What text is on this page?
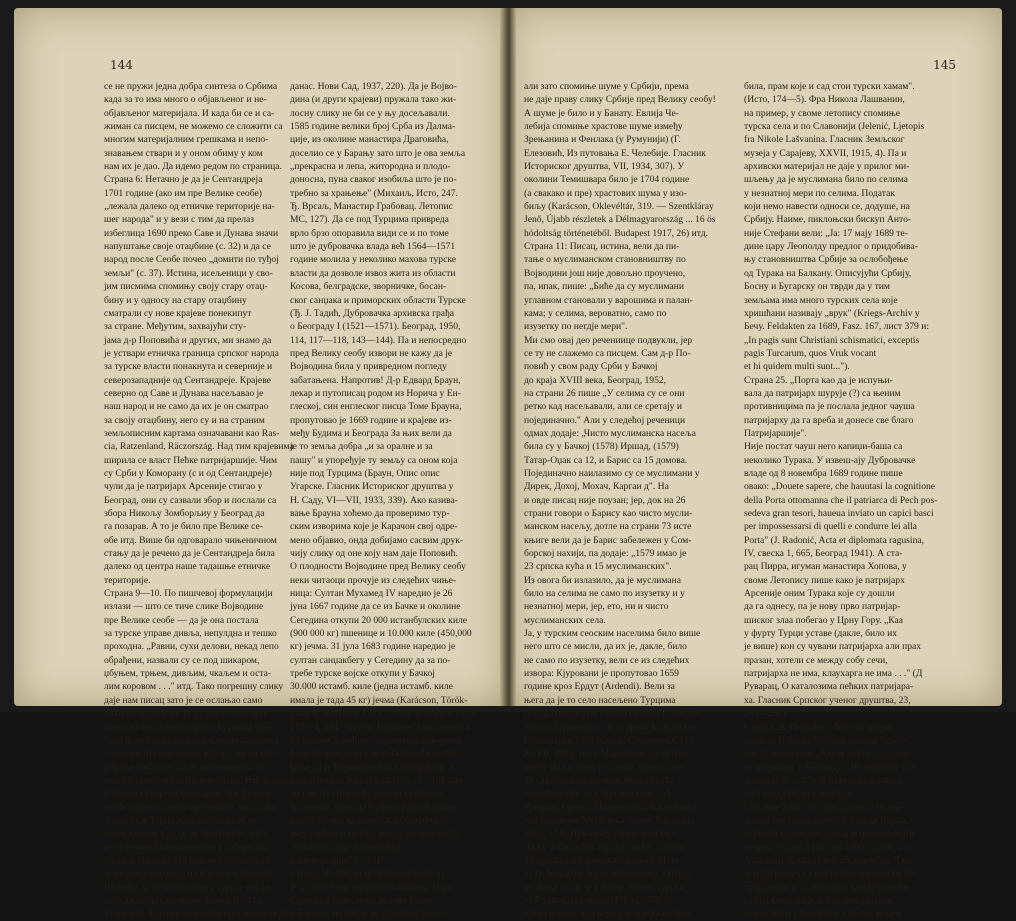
144
се не пружи једна добра синтеза о Србима
када за то има много о објављеног и не-
објављеног материјала. И када би се и са-
жиман са писцем, не можемо се сложити са
многим материјалним грешкама и непо-
знавањем ствари и у оном обиму у ком
нам их је дао. Да идемо редом по страница.
Страна 6: Нетачно је да је Сентандреја
1701 године (ако им пре Велике сеобе)
„лежала далеко од етничке територије на-
шег народа" и у вези с тим да прелаз
избеглица 1690 преко Саве и Дунава значи
напуштање своје отаџбине (с. 32) и да се
народ после Сеобе почео „домити по туђој
земљи" (с. 37). Истина, исељеници у сво-
јим писмима спомињу своју стару отаџ-
бину и у односу на стару отаџбину
сматрали су нове крајеве понекипут
за стране. Међутим, захвајући сту-
јама д-р Поповића и других, ми знамо да
је уствари етничка граница српског народа
за турске власти понакнута и северније и
северозападније од Сентандреје. Крајеве
северно од Саве и Дунава насељавао је
наш народ и не само да их је он сматрао
за своју отаџбину, него су и на страним
земљописним картама означавани као Ras-
cia, Ratzenland, Räczország. Над тим крајевима
ширила се власт Пећке патријаршије. Чим
су Срби у Коморану (с и од Сентандреје)
чули да је патријарх Арсеније стигао у
Београд, они су сазвали збор и послали са
збора Никољу Зомборљиу у Београд да
га позарав. А то је било пре Велике се-
обе итд. Више би одговарало чињеничном
стању да је речено да је Сентандреја била
далеко од центра наше тадашње етничке
територије.
Страна 9—10. По пишчевој формулацији
излази — што се тиче слике Војводине
пре Велике сеобе — да је она постала
за турске управе дивља, непулдна и тешко
проходна. „Равни, сухи делови, некад лепо
обрађени, назвали су се под шикаром,
џбуњем, трњем, дивљим, чкаљем и оста-
лим коровом . . ." итд. Тако погрешну слику
даје нам писац зато је се ослањао само
на путописце који, за то, нису били при-
јатељски наклоњени према Турцима Тре-
бало је да писац провери њихова казивања
у светлости савремених извора, па би упо-
ређење показало, да се путописцима не
може у свему пружити вероватно. Нас је про-
учавање привреде Војводине пре Велике
сеобе одвело сасвим другачијем закључку.
Знали су и Турци врло добро да се не
може живети а да се не производи. Зато
је Сулејман Величанствени у табору код
Голне и Пакша 1543 године саветовао се-
љаке земљорадника ич Барање и предела
Шомођа да не беже испред турске војске,
него да остану на своме имању (С. Ми-
хаијловић, Барања од најстаријих времена до
данас. Нови Сад, 1937, 220). Да је Војво-
дина (и други крајеви) пружала тако жи-
лосну слику не би се у њу досељавали.
1585 године велики број Срба из Далма-
ције, из околине манастира Драговића,
доселио се у Барању зато што је ова земља
„прекрасна и лепа, житородна и плодо-
доносна, пуна сваког изобиља што је по-
требно за храњење" (Михаиљ, Исто, 247.
Ђ. Врсаљ, Манастир Грабовац. Летопис
МС, 127). Да се под Турцима привреда
врло брзо опоравила види се и по томе
што је дубровачка влада већ 1564—1571
године молила у неколико махова турске
власти да дозволе извоз жита из области
Косова, белградске, зворничке, босан-
ског санџака и приморских области Турске
(Ђ. J. Тадић, Дубровачка архивска грађа
о Београду I (1521—1571). Београд, 1950,
114, 117—118, 143—144). Па и непосредно
пред Велику сеобу извори не кажу да је
Војводина била у привредном погледу
забатањена. Напротив! Д-р Едвард Браун,
лекар и путописац родом из Норича у Ен-
глеској, син енглеског писца Томе Брауна,
пропутовао је 1669 године и крајеве из-
међу Будима и Београда За њих вели да
је то земља добра „и за оралне и за
пашу" и упоређује ту земљу са оном која
није под Турцима (Браун, Опис опис
Угарске. Гласник Историског друштва у
Н. Саду, VI—VII, 1933, 339). Ако казива-
вање Брауна хоћемо да проверимо тур-
ским изворима које је Карачон свој одре-
мено објавио, онда добијамо сасвим друк-
чију слику од оне коју нам даје Поповић.
О плодности Војводине пред Велику сеобу
неки читаоци прочује из следећих чиње-
ница: Султан Мухамед IV наредио је 26
јуна 1667 године да се из Бачке и околине
Сегедина откупи 20 000 истанбулских киле
(900 000 кг) пшенице и 10.000 киле (450,000
кг) јечма. 31 јула 1683 године наредио је
султан санџакбегу у Сегедину да за по-
требе турске војске откупи у Бачкој
30.000 истамб. киле (једна истамб. киле
имала је тада 45 кг) јечма (Karácson, Török-
magyar oklevéltár 1533—1789, Budapest, 1914,
273—4, 284—6) итд. Највише, тако излази и
по нашим домаћим савременим изворима.
Како да доведемо у везу Поповићево твр-
ђење да је Војводина била необрађена и
запуштена за турске власти (с. 9—10), кад
он сам на страни 43 наводи казивање
Атанасија Даскала Србина (чиј књижицу
издаје готово од почетка до краја) ово-
ма у Србије и српска земља уопште била
„многоплодија и изобилија
и многородија" (с. 43)?
Страна 10: Писац исправно наводи да
је шумом била покривена Фрушка Гора,
Срем дуж Саве, неки делови Бачке
и Барање, но нигде не спомиње Банат;
145
али зато спомиње шуме у Србији, према
не даје праву слику Србије пред Велику сеобу!
А шуме је било и у Банату. Евлија Че-
лебија спомиње храстове шуме између
Зрењанина и Фенлака (у Румунији) (Г.
Елезовић, Из путовања Е. Челебије. Гласник
Историског друштва, VII, 1934, 307). У
околини Темишвара било је 1704 године
(а свакако и пре) храстових шума у изо-
биљу (Karácson, Oklevéltár, 319. — Szentklárаy
Jenő, Újabb részletek a Délmagyarország ... 16 ös
hódoltság történetéből. Budapest 1917, 26) итд.
Страна 11: Писац, истина, вели да пи-
тање о муслиманском становништву по
Војводини још није довољно проучено,
па, ипак, пише: „Биће да су муслимани
углавном становали у варошима и палан-
кама; у селима, вероватно, само по
изузетку по негдје мери".
Ми смо овај део речениице подвукли, јер
се ту не слажемо са писцем. Сам д-р По-
повић у свом раду Срби у Бачкој
до краја XVIII века, Београд, 1952,
на страни 26 пише „У селима су се они
ретко кад насељавали, али се сретају и
појединачно." Али у следећој реченици
одмах додаје: „Чисто муслиманска насеља
била су у Бачкој (1578) Иршад, (1579)
Татар-Оџак са 12, и Барис са 15 домова.
Појединачно наилазимо су се муслимани у
Дирек, Дохој, Мохач, Каргаи д". На
и овде писац није поузан; јер, док на 26
страни говори о Барису као чисто мусли-
манском насељу, дотле на страни 73 исте
књиге вели да је Барис забележен у Сом-
борској нахији, па додаје: „1579 имао је
23 српска кућа и 15 муслиманских".
Из овога би излазило, да је муслимана
било на селима не само по изузетку и у
незнатној мери, јер, ето, ни и чисто
муслиманских села.
Ја, у турским сеоским населима било више
него што се мисли, да их је, дакле, било
не само по изузетку, вели се из следећих
извора: Кјуровани је пропутовао 1659
године кроз Ердут (Ardendi). Вели за
њега да је то село насељено Турцима
(villagio abitato da Turchi) (Томин Ј., Писма
Јована Кјуровани с пута преко Балканског
Полуострва 1659 године. Споменик САН,
XLVII, 1909, 101). Маринкове на Дунаву,
близу Даља, било је такође турско село.
Ту „за турскога времена било је кућа
хришћанских 12 у турском селу" (Д.
Руварац, Српска Митрополија Карловачка
око половине XVIII века. Срем. Карловци,
1902, 174). При крају турске власти у
Даљу је било 200 турских кућа, а свега
25 српских и 6 римокатоличких (Исто,
171). Још дуго после истеривања Турака
из Даља остао је у њему „мечит турски
от 7 хвати и са своди (РВ: тј. 1706 го-
дине) високо, код којега је турска мушва
била, прам које и сад стои турски хамам".
(Исто, 174—5). Фра Никола Лашванин,
на пример, у своме летопису спомиње
турска села и по Славонији (Jelenić, Ljetopis
fra Nikole Lašvanina. Гласник Земљског
музеја у Сарајеву, XXVII, 1915, 4). Па и
архивски материјал не даје у прилог ми-
шљењу да је муслимана било по селима
у незнатној мери по селима. Податак
који немо навести односи се, додуше, на
Србију. Наиме, пиклоњски бискуп Анто-
није Стефани вели: „Ја: 17 мају 1689 те-
дине цару Леополду предлог о придобива-
њу становништва Србије за ослобођење
од Турака на Балкану. Описујући Србију,
Босну и Бугарску он тврди да у тим
земљама има много турских села које
хришћани називају „врук" (Kriegs-Archiv у
Бечу. Feldakten za 1689, Fasz. 167, лист 379 и:
„In pagis sunt Christiani schismatici, exceptis
pagis Turcarum, quos Vruk vocant
et hi quidem multi sunt...").
Страна 25. „Порта као да је испуњи-
вала да патријарх шурује (?) са њеним
противницима па је послала једног чауша
патријарху да га вреба и донесе све благо
Патријаршије".
Није постат чауш него капиџи-баша са
неколико Турака. У извеш-ају Дубровачке
владе од 8 новембра 1689 године пише
овако: „Douete sapere, che hauutasi la cognitione
della Porta ottomanna che il patriarca di Pech pos-
sedeva gran tesori, haueua inviato un capici basci
per impossessarsi di quelli e condurre lei alla
Porta" (J. Radonić, Acta et diplomata ragusina,
IV, свеска 1, 665, Београд 1941). А ста-
рац Пирра, игуман манастира Хопова, у
своме Летопису пише како је патријарх
Арсеније оним Турака које су дошли
да га однесу, па је нову прво патријар-
шиског злаа побегао у Црну Гору. „Каа
у фурту Турци уставе (дакле, било их
је више) кон су чувани патријарха али прах
празан, хотели се между собу сечи,
патријарха не има, клаухарга не има . . ." (Д
Руварац, О каталозима пећких патријара-
ха. Гласник Српског ученог друштва, 23,
249—250).
Страна 28. Пишући о бекству патри-
јарха из Пећи на Београд испред Турака
писац закључује: „Кајем марта налазимо
се патријарх у Београду". Из пишчеве сти-
лизације из с. 27—8 излази да је патри-
јарх тада стигао у Београд.
Ово није тачно из ових разлога: по све-
дочанству горепоменутог старца Пирпа,
игумана хоповског, народ је почео бежати
испред Турака 6 јануара 1690 године, а по
Атанасију Даскалу већ 25 децембра. Таја
је и патријарх са место драгоценности Па-
тријаршије и са неколико калуђера побе-
гао на коњу, па је већ крајем јануара
морао бити у Београду, а не тек крајем
